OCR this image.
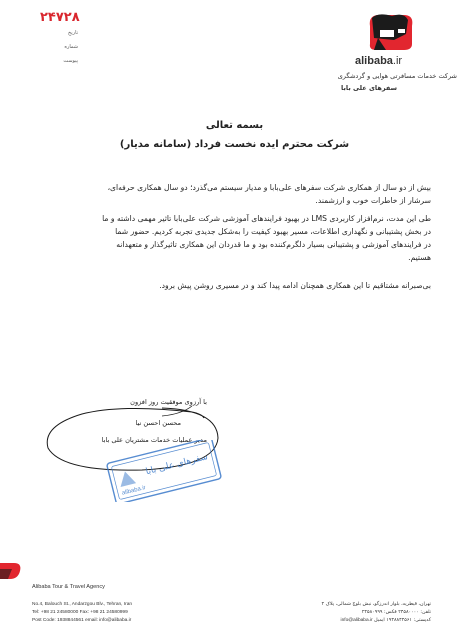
۲۴۷۲۸
تاریخ
شماره
پیوست	alibaba.ir
شرکت خدمات مسافرتی هوایی و گردشگری
سفرهای علی بابا
بسمه تعالی
شرکت محترم ایده نخست فرداد (سامانه مدیار)
بیش از دو سال از همکاری شرکت سفرهای علی‌بابا و مدیار سیستم می‌گذرد؛ دو سال همکاری حرفه‌ای،
سرشار از خاطرات خوب و ارزشمند.
طی این مدت، نرم‌افزار کاربردی LMS در بهبود فرایندهای آموزشی شرکت علی‌بابا تاثیر مهمی داشته و ما
در بخش پشتیبانی و نگهداری اطلاعات، مسیر بهبود کیفیت را به‌شکل جدیدی تجربه کردیم. حضور شما
در فرایندهای آموزشی و پشتیبانی بسیار دلگرم‌کننده بود و ما قدردان این همکاری تاثیرگذار و متعهدانه
هستیم.
بی‌صبرانه مشتاقیم تا این همکاری همچنان ادامه پیدا کند و در مسیری روشن پیش برود.
با آرزوی موفقیت روز افزون
محسن احسن نیا
مدیر عملیات خدمات مشتریان علی بابا
سفرهای علی بابا
alibaba.ir
Alibaba Tour & Travel Agency
No.4, Balouch St., Andarzgou Blv., Tehran, Iran
Tel: +98 21 24580000 Fax: +98 21 24580999
Post Code: 1938844561 email: info@alibaba.ir
تهران، قیطریه، بلوار اندرزگو، نبش بلوچ شمالی، پلاک ۴
تلفن: ۲۴۵۸۰۰۰۰ فکس: ۲۴۵۸۰۹۹۹
کدپستی: ۱۹۳۸۸۴۴۵۶۱ ایمیل info@alibaba.ir
